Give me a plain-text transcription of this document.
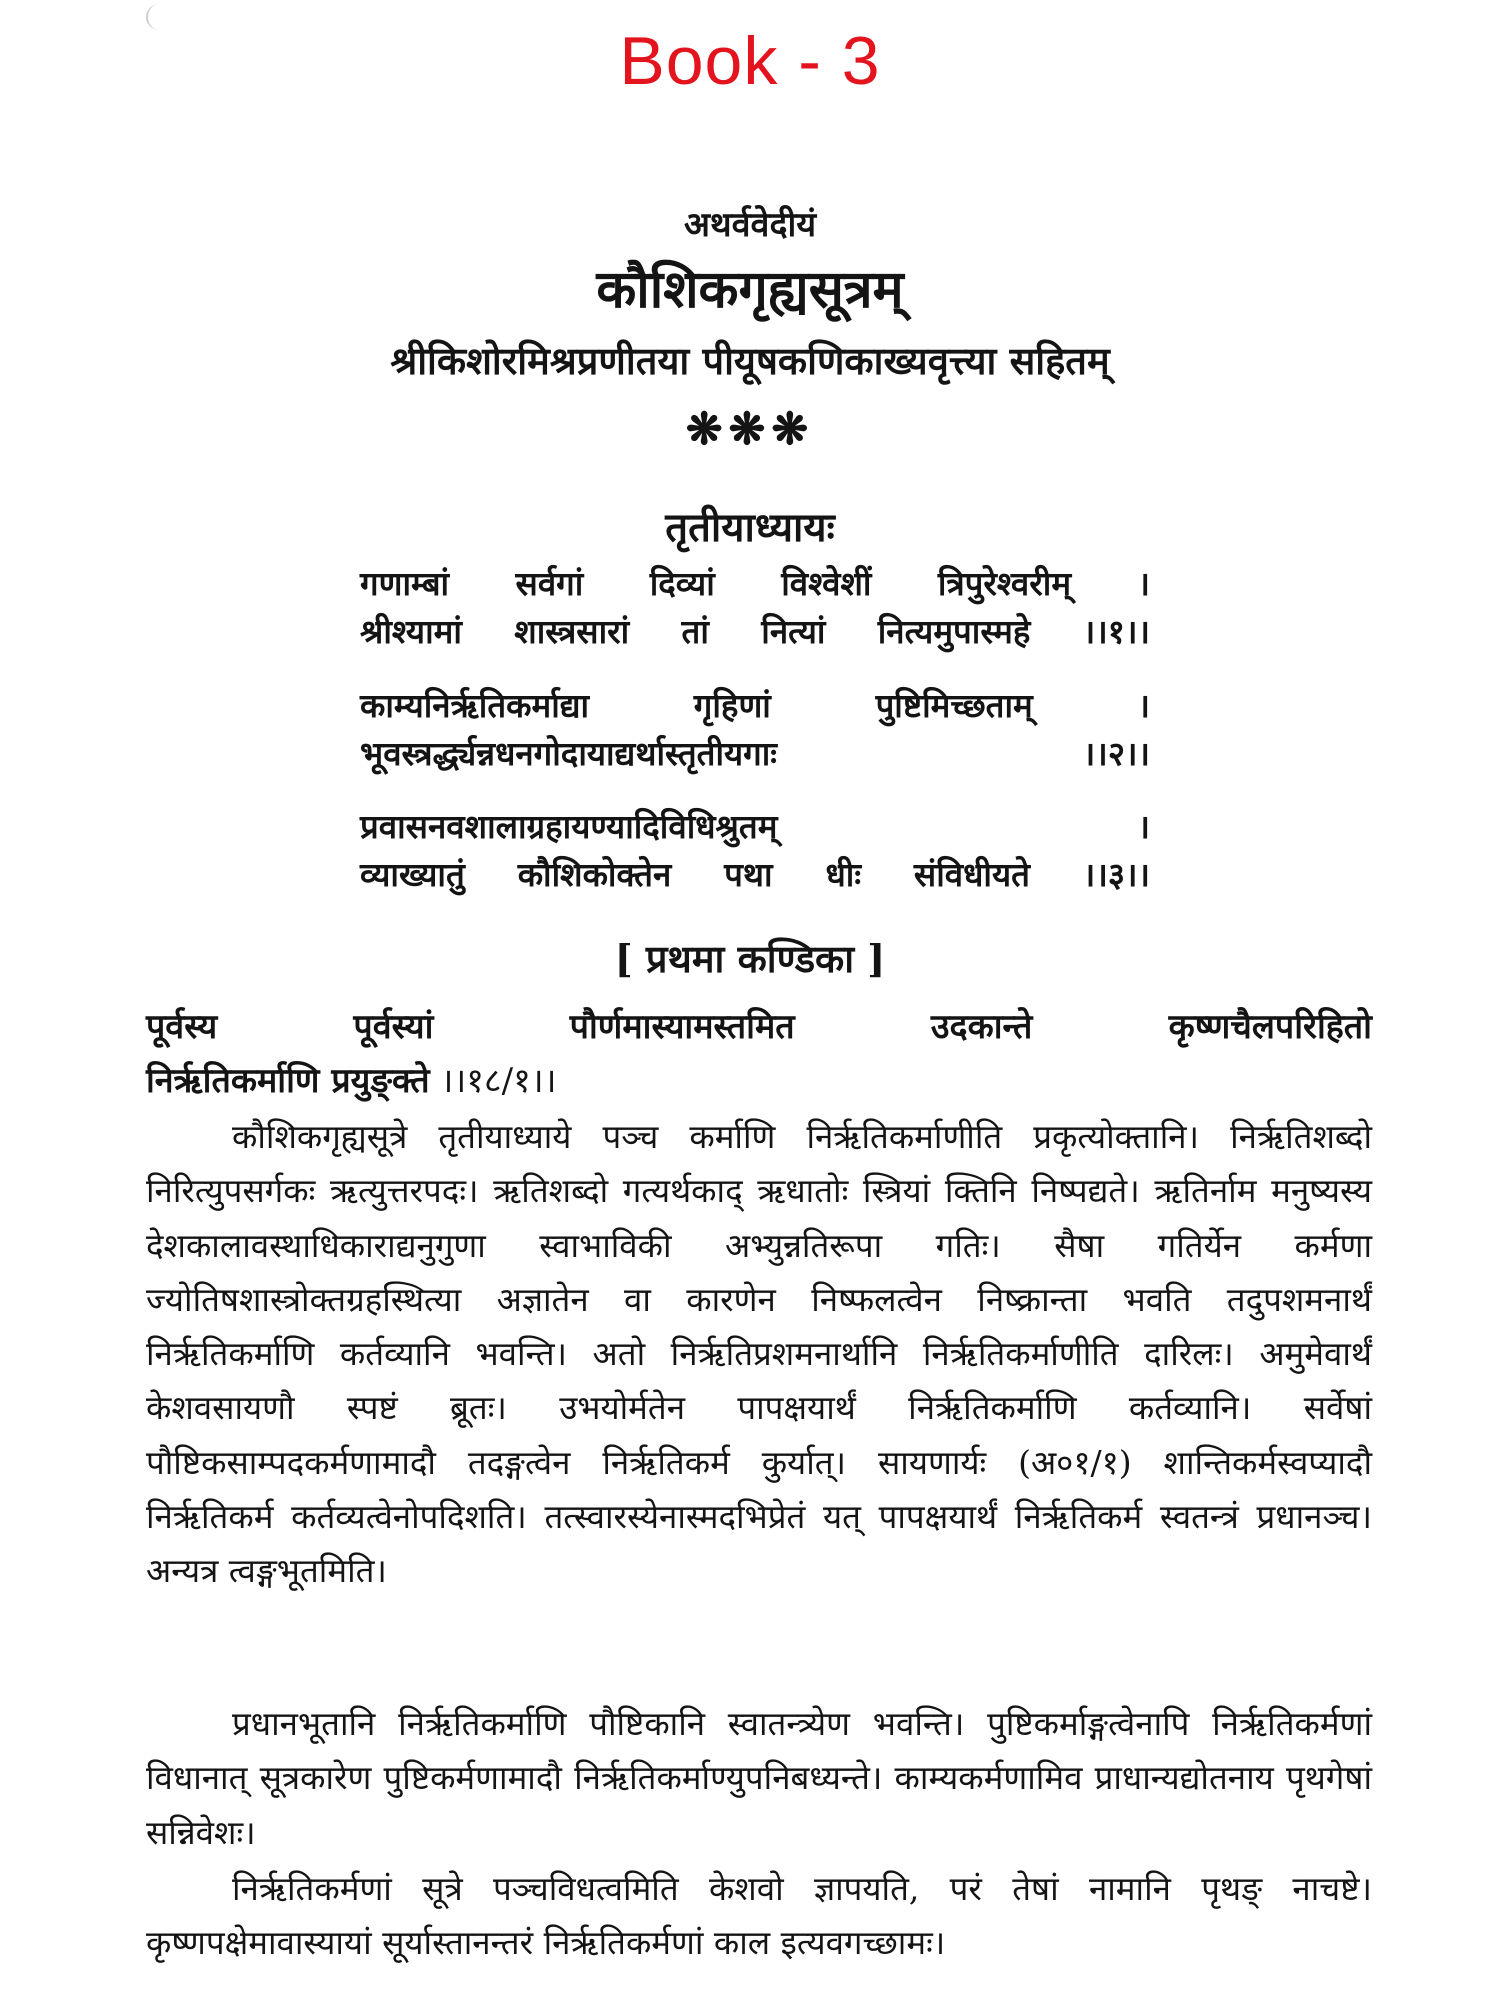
Book - 3
अथर्ववेदीयं
कौशिकगृह्यसूत्रम्
श्रीकिशोरमिश्रप्रणीतया पीयूषकणिकाख्यवृत्त्या सहितम्
❋❋❋
तृतीयाध्यायः
गणाम्बां सर्वगां दिव्यां विश्वेशीं त्रिपुरेश्वरीम् ।
श्रीश्यामां शास्त्रसारां तां नित्यां नित्यमुपास्महे ।।१।।
काम्यनिर्ऋतिकर्माद्या गृहिणां पुष्टिमिच्छताम् ।
भूवस्त्रर्द्ध्यन्नधनगोदायाद्यर्थास्तृतीयगाः ।।२।।
प्रवासनवशालाग्रहायण्यादिविधिश्रुतम् ।
व्याख्यातुं कौशिकोक्तेन पथा धीः संविधीयते ।।३।।
[ प्रथमा कण्डिका ]
पूर्वस्य पूर्वस्यां पौर्णमास्यामस्तमित उदकान्ते कृष्णचैलपरिहितो
निर्ऋतिकर्माणि प्रयुङ्क्ते ।।१८/१।।
कौशिकगृह्यसूत्रे तृतीयाध्याये पञ्च कर्माणि निर्ऋतिकर्माणीति प्रकृत्योक्तानि। निर्ऋतिशब्दो निरित्युपसर्गकः ऋत्युत्तरपदः। ऋतिशब्दो गत्यर्थकाद् ऋधातोः स्त्रियां क्तिनि निष्पद्यते। ऋतिर्नाम मनुष्यस्य देशकालावस्थाधिकाराद्यनुगुणा स्वाभाविकी अभ्युन्नतिरूपा गतिः। सैषा गतिर्येन कर्मणा ज्योतिषशास्त्रोक्तग्रहस्थित्या अज्ञातेन वा कारणेन निष्फलत्वेन निष्क्रान्ता भवति तदुपशमनार्थं निर्ऋतिकर्माणि कर्तव्यानि भवन्ति। अतो निर्ऋतिप्रशमनार्थानि निर्ऋतिकर्माणीति दारिलः। अमुमेवार्थं केशवसायणौ स्पष्टं ब्रूतः। उभयोर्मतेन पापक्षयार्थं निर्ऋतिकर्माणि कर्तव्यानि। सर्वेषां पौष्टिकसाम्पदकर्मणामादौ तदङ्गत्वेन निर्ऋतिकर्म कुर्यात्। सायणार्यः (अ०१/१) शान्तिकर्मस्वप्यादौ निर्ऋतिकर्म कर्तव्यत्वेनोपदिशति। तत्स्वारस्येनास्मदभिप्रेतं यत् पापक्षयार्थं निर्ऋतिकर्म स्वतन्त्रं प्रधानञ्च। अन्यत्र त्वङ्गभूतमिति।
प्रधानभूतानि निर्ऋतिकर्माणि पौष्टिकानि स्वातन्त्र्येण भवन्ति। पुष्टिकर्माङ्गत्वेनापि निर्ऋतिकर्मणां विधानात् सूत्रकारेण पुष्टिकर्मणामादौ निर्ऋतिकर्माण्युपनिबध्यन्ते। काम्यकर्मणामिव प्राधान्यद्योतनाय पृथगेषां सन्निवेशः।
निर्ऋतिकर्मणां सूत्रे पञ्चविधत्वमिति केशवो ज्ञापयति, परं तेषां नामानि पृथङ् नाचष्टे। कृष्णपक्षेमावास्यायां सूर्यास्तानन्तरं निर्ऋतिकर्मणां काल इत्यवगच्छामः।
